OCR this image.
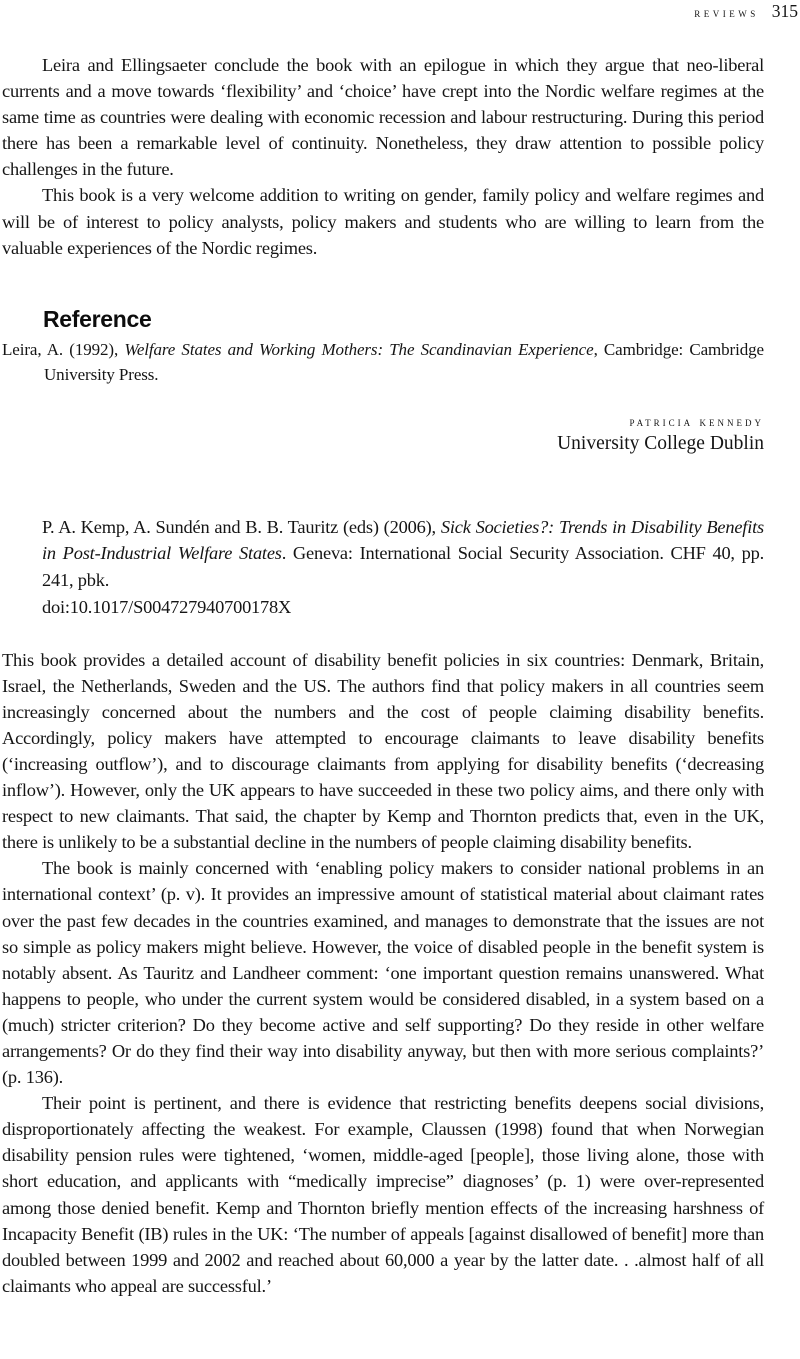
reviews 315

Leira and Ellingsaeter conclude the book with an epilogue in which they argue that neo-liberal currents and a move towards ‘flexibility’ and ‘choice’ have crept into the Nordic welfare regimes at the same time as countries were dealing with economic recession and labour restructuring. During this period there has been a remarkable level of continuity. Nonetheless, they draw attention to possible policy challenges in the future.

This book is a very welcome addition to writing on gender, family policy and welfare regimes and will be of interest to policy analysts, policy makers and students who are willing to learn from the valuable experiences of the Nordic regimes.

Reference

Leira, A. (1992), Welfare States and Working Mothers: The Scandinavian Experience, Cambridge: Cambridge University Press.

patricia kennedy
University College Dublin

P. A. Kemp, A. Sundén and B. B. Tauritz (eds) (2006), Sick Societies?: Trends in Disability Benefits in Post-Industrial Welfare States. Geneva: International Social Security Association. CHF 40, pp. 241, pbk.

doi:10.1017/S004727940700178X

This book provides a detailed account of disability benefit policies in six countries: Denmark, Britain, Israel, the Netherlands, Sweden and the US. The authors find that policy makers in all countries seem increasingly concerned about the numbers and the cost of people claiming disability benefits. Accordingly, policy makers have attempted to encourage claimants to leave disability benefits (‘increasing outflow’), and to discourage claimants from applying for disability benefits (‘decreasing inflow’). However, only the UK appears to have succeeded in these two policy aims, and there only with respect to new claimants. That said, the chapter by Kemp and Thornton predicts that, even in the UK, there is unlikely to be a substantial decline in the numbers of people claiming disability benefits.

The book is mainly concerned with ‘enabling policy makers to consider national problems in an international context’ (p. v). It provides an impressive amount of statistical material about claimant rates over the past few decades in the countries examined, and manages to demonstrate that the issues are not so simple as policy makers might believe. However, the voice of disabled people in the benefit system is notably absent. As Tauritz and Landheer comment: ‘one important question remains unanswered. What happens to people, who under the current system would be considered disabled, in a system based on a (much) stricter criterion? Do they become active and self supporting? Do they reside in other welfare arrangements? Or do they find their way into disability anyway, but then with more serious complaints?’ (p. 136).

Their point is pertinent, and there is evidence that restricting benefits deepens social divisions, disproportionately affecting the weakest. For example, Claussen (1998) found that when Norwegian disability pension rules were tightened, ‘women, middle-aged [people], those living alone, those with short education, and applicants with “medically imprecise” diagnoses’ (p. 1) were over-represented among those denied benefit. Kemp and Thornton briefly mention effects of the increasing harshness of Incapacity Benefit (IB) rules in the UK: ‘The number of appeals [against disallowed of benefit] more than doubled between 1999 and 2002 and reached about 60,000 a year by the latter date. . .almost half of all claimants who appeal are successful.’
